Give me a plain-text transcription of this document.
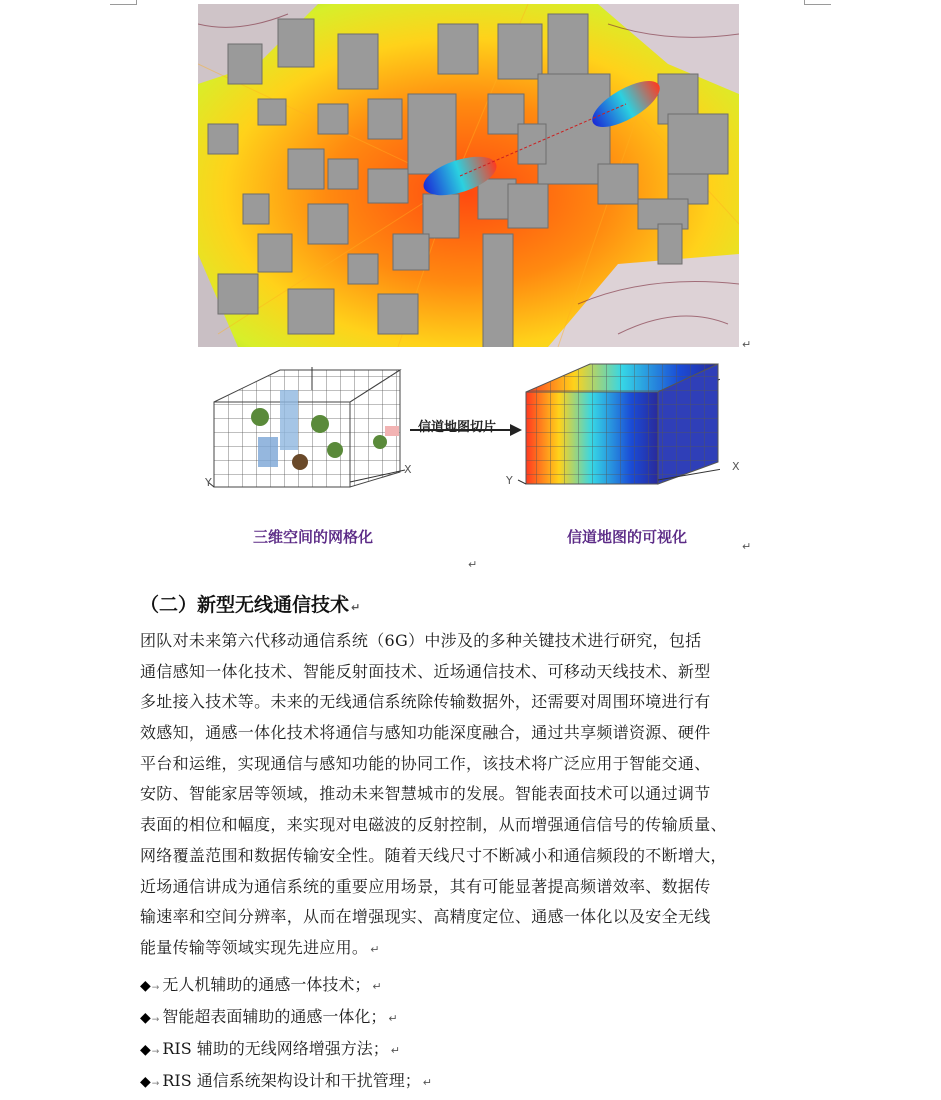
↵
信道地图切片
X
Y
X
Y
三维空间的网格化	信道地图的可视化
↵
↵
（二）新型无线通信技术 ↵
团队对未来第六代移动通信系统（6G）中涉及的多种关键技术进行研究，包括
通信感知一体化技术、智能反射面技术、近场通信技术、可移动天线技术、新型
多址接入技术等。未来的无线通信系统除传输数据外，还需要对周围环境进行有
效感知，通感一体化技术将通信与感知功能深度融合，通过共享频谱资源、硬件
平台和运维，实现通信与感知功能的协同工作，该技术将广泛应用于智能交通、
安防、智能家居等领域，推动未来智慧城市的发展。智能表面技术可以通过调节
表面的相位和幅度，来实现对电磁波的反射控制，从而增强通信信号的传输质量、
网络覆盖范围和数据传输安全性。随着天线尺寸不断减小和通信频段的不断增大，
近场通信讲成为通信系统的重要应用场景，其有可能显著提高频谱效率、数据传
输速率和空间分辨率，从而在增强现实、高精度定位、通感一体化以及安全无线
能量传输等领域实现先进应用。 ↵
◆→ 无人机辅助的通感一体技术； ↵
◆→ 智能超表面辅助的通感一体化； ↵
◆→ RIS 辅助的无线网络增强方法； ↵
◆→ RIS 通信系统架构设计和干扰管理； ↵
